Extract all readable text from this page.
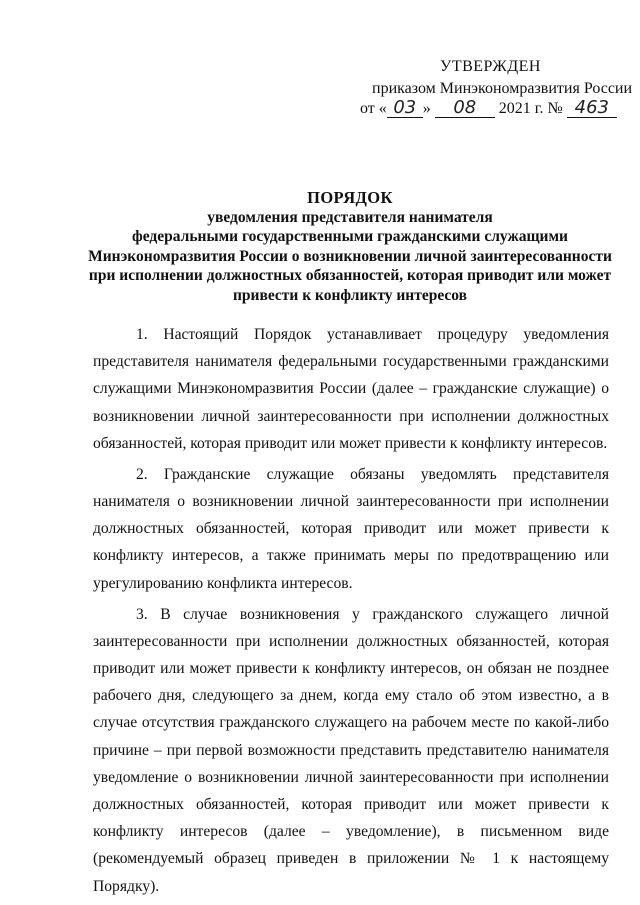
УТВЕРЖДЕН
приказом Минэкономразвития России
от « 03 » 08 2021 г. № 463
ПОРЯДОК
уведомления представителя нанимателя
федеральными государственными гражданскими служащими
Минэкономразвития России о возникновении личной заинтересованности
при исполнении должностных обязанностей, которая приводит или может
привести к конфликту интересов

1. Настоящий Порядок устанавливает процедуру уведомления представителя нанимателя федеральными государственными гражданскими служащими Минэкономразвития России (далее – гражданские служащие) о возникновении личной заинтересованности при исполнении должностных обязанностей, которая приводит или может привести к конфликту интересов.

2. Гражданские служащие обязаны уведомлять представителя нанимателя о возникновении личной заинтересованности при исполнении должностных обязанностей, которая приводит или может привести к конфликту интересов, а также принимать меры по предотвращению или урегулированию конфликта интересов.

3. В случае возникновения у гражданского служащего личной заинтересованности при исполнении должностных обязанностей, которая приводит или может привести к конфликту интересов, он обязан не позднее рабочего дня, следующего за днем, когда ему стало об этом известно, а в случае отсутствия гражданского служащего на рабочем месте по какой-либо причине – при первой возможности представить представителю нанимателя уведомление о возникновении личной заинтересованности при исполнении должностных обязанностей, которая приводит или может привести к конфликту интересов (далее – уведомление), в письменном виде (рекомендуемый образец приведен в приложении № 1 к настоящему Порядку).
